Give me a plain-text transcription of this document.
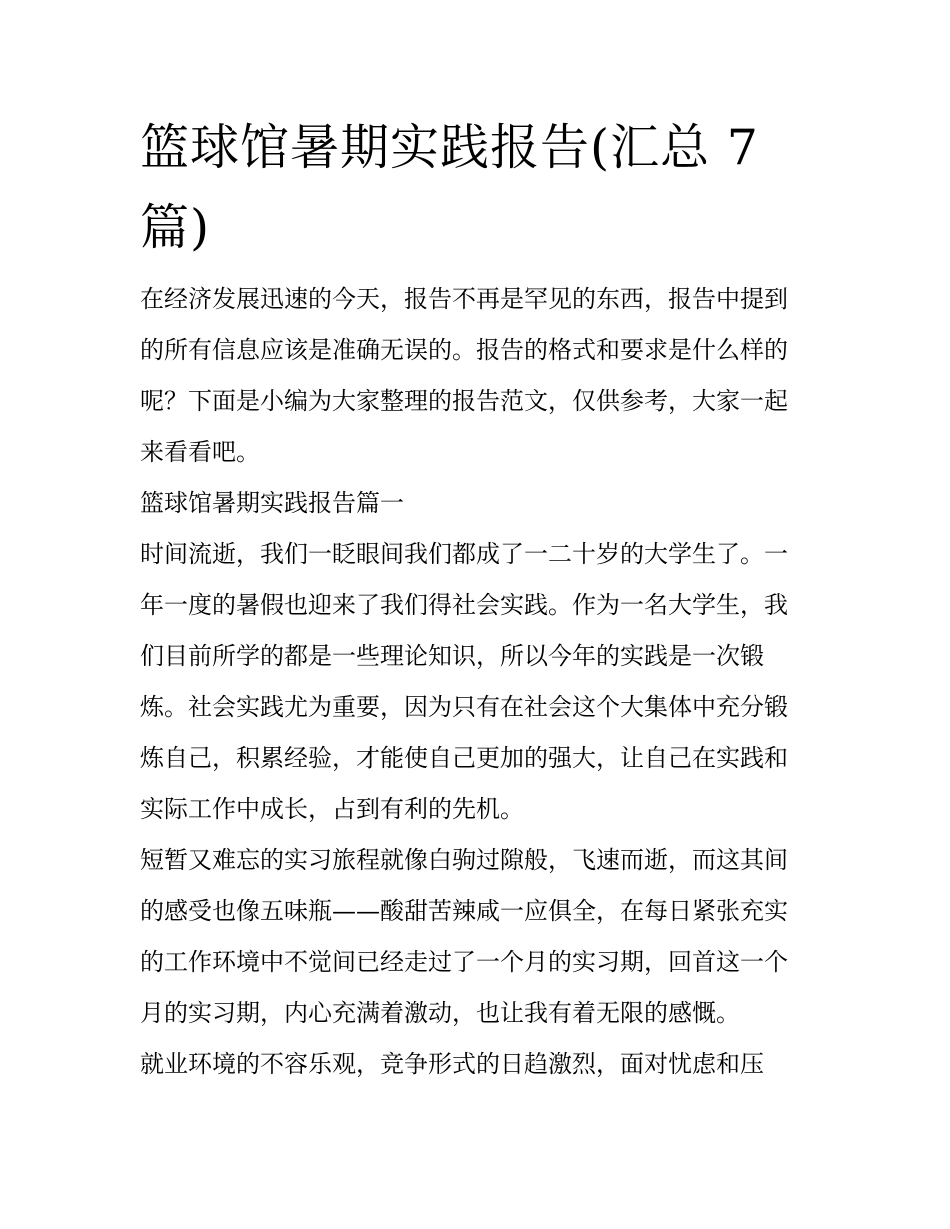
篮球馆暑期实践报告(汇总 7
篇)

在经济发展迅速的今天，报告不再是罕见的东西，报告中提到
的所有信息应该是准确无误的。报告的格式和要求是什么样的
呢？下面是小编为大家整理的报告范文，仅供参考，大家一起
来看看吧。

篮球馆暑期实践报告篇一

时间流逝，我们一眨眼间我们都成了一二十岁的大学生了。一
年一度的暑假也迎来了我们得社会实践。作为一名大学生，我
们目前所学的都是一些理论知识，所以今年的实践是一次锻
炼。社会实践尤为重要，因为只有在社会这个大集体中充分锻
炼自己，积累经验，才能使自己更加的强大，让自己在实践和
实际工作中成长，占到有利的先机。

短暂又难忘的实习旅程就像白驹过隙般，飞速而逝，而这其间
的感受也像五味瓶——酸甜苦辣咸一应俱全，在每日紧张充实
的工作环境中不觉间已经走过了一个月的实习期，回首这一个
月的实习期，内心充满着激动，也让我有着无限的感慨。

就业环境的不容乐观，竞争形式的日趋激烈，面对忧虑和压
